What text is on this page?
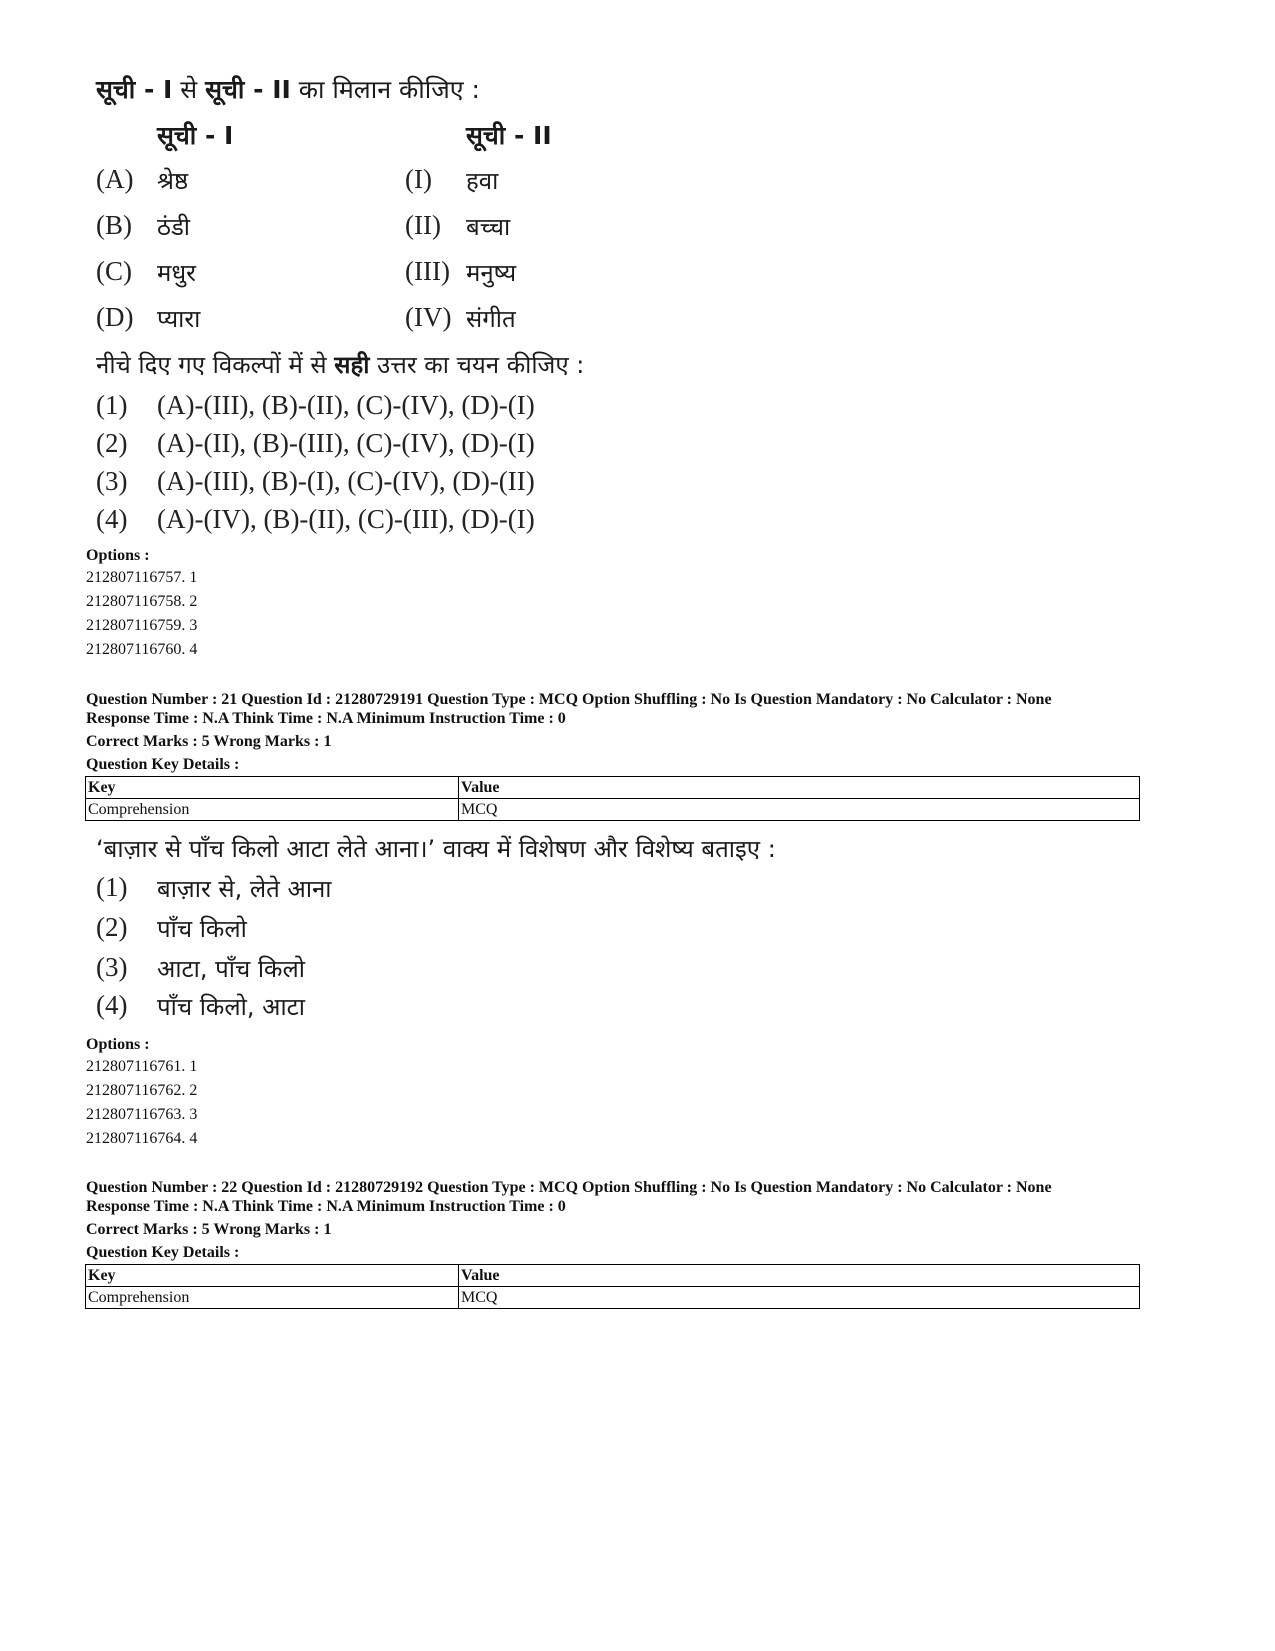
सूची - I से सूची - II का मिलान कीजिए :
सूची - I	सूची - II
(A) श्रेष्ठ	(I) हवा
(B) ठंडी	(II) बच्चा
(C) मधुर	(III) मनुष्य
(D) प्यारा	(IV) संगीत
नीचे दिए गए विकल्पों में से सही उत्तर का चयन कीजिए :
(1) (A)-(III), (B)-(II), (C)-(IV), (D)-(I)
(2) (A)-(II), (B)-(III), (C)-(IV), (D)-(I)
(3) (A)-(III), (B)-(I), (C)-(IV), (D)-(II)
(4) (A)-(IV), (B)-(II), (C)-(III), (D)-(I)
Options :
212807116757. 1
212807116758. 2
212807116759. 3
212807116760. 4
Question Number : 21 Question Id : 21280729191 Question Type : MCQ Option Shuffling : No Is Question Mandatory : No Calculator : None
Response Time : N.A Think Time : N.A Minimum Instruction Time : 0
Correct Marks : 5 Wrong Marks : 1
Question Key Details :
Key	Value
Comprehension	MCQ
‘बाज़ार से पाँच किलो आटा लेते आना।’ वाक्य में विशेषण और विशेष्य बताइए :
(1) बाज़ार से, लेते आना
(2) पाँच किलो
(3) आटा, पाँच किलो
(4) पाँच किलो, आटा
Options :
212807116761. 1
212807116762. 2
212807116763. 3
212807116764. 4
Question Number : 22 Question Id : 21280729192 Question Type : MCQ Option Shuffling : No Is Question Mandatory : No Calculator : None
Response Time : N.A Think Time : N.A Minimum Instruction Time : 0
Correct Marks : 5 Wrong Marks : 1
Question Key Details :
Key	Value
Comprehension	MCQ
